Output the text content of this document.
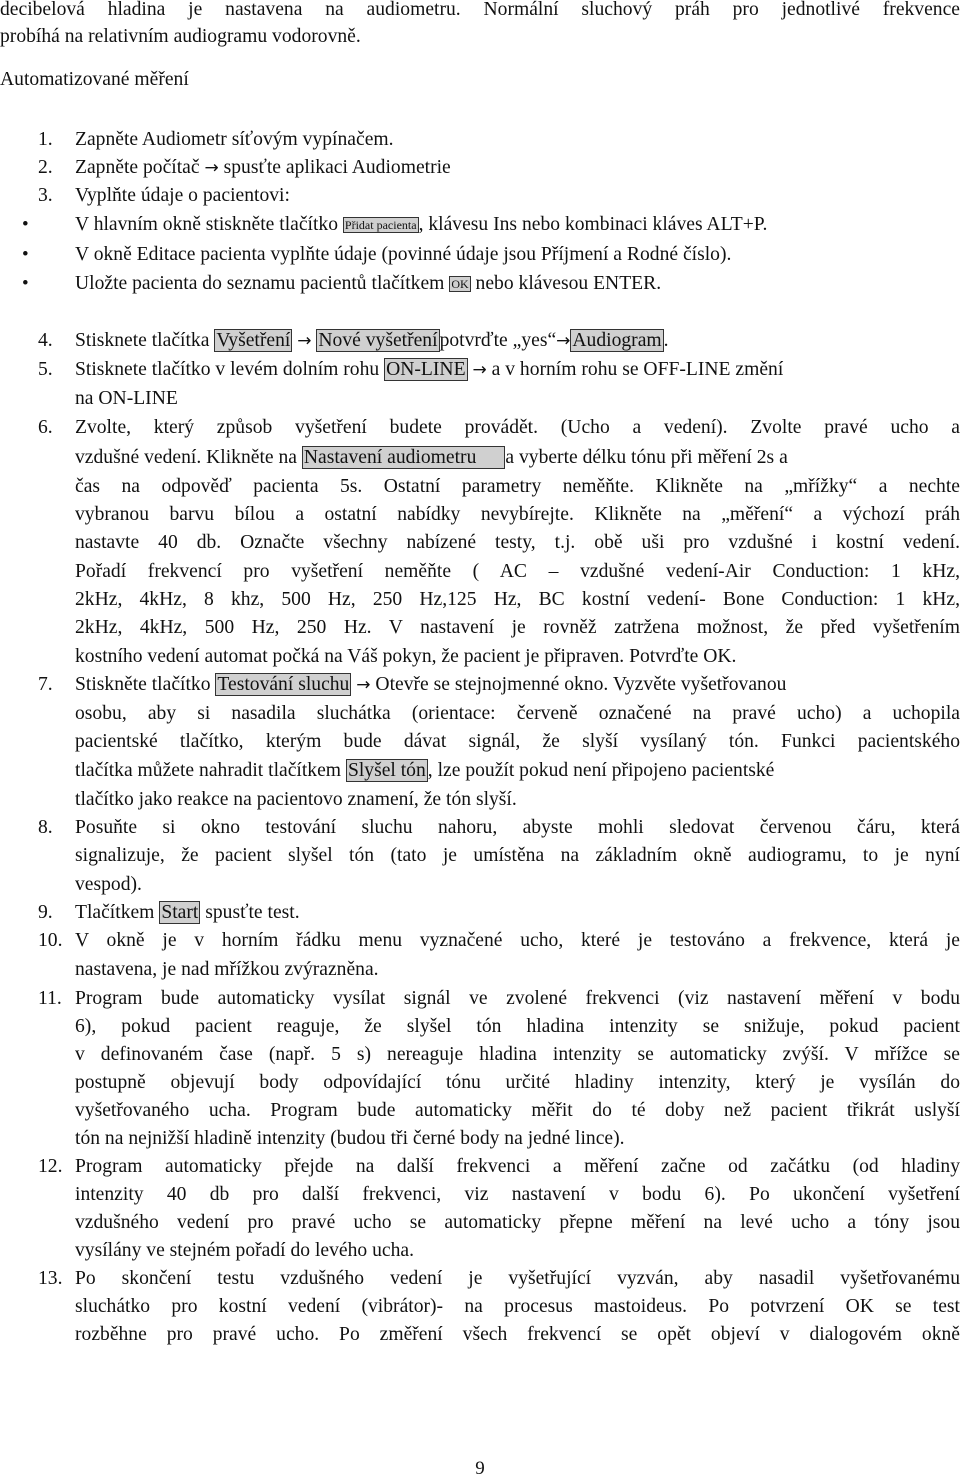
decibelová hladina je nastavena na audiometru. Normální sluchový práh pro jednotlivé frekvence
probíhá na relativním audiogramu vodorovně.
Automatizované měření
1.	Zapněte Audiometr síťovým vypínačem.
2.	Zapněte počítač → spusťte aplikaci Audiometrie
3.	Vyplňte údaje o pacientovi:
• V hlavním okně stiskněte tlačítko Přidat pacienta , klávesu Ins nebo kombinaci kláves ALT+P.
• V okně Editace pacienta vyplňte údaje (povinné údaje jsou Příjmení a Rodné číslo).
• Uložte pacienta do seznamu pacientů tlačítkem OK nebo klávesou ENTER.
4.	Stisknete tlačítka Vyšetření → Nové vyšetření potvrďte „yes“→ Audiogram .
5.	Stisknete tlačítko v levém dolním rohu ON-LINE → a v horním rohu se OFF-LINE změní
na ON-LINE
6.	Zvolte, který způsob vyšetření budete provádět. (Ucho a vedení). Zvolte pravé ucho a
vzdušné vedení. Klikněte na Nastavení audiometru a vyberte délku tónu při měření 2s a
čas na odpověď pacienta 5s. Ostatní parametry neměňte. Klikněte na „mřížky“ a nechte
vybranou barvu bílou a ostatní nabídky nevybírejte. Klikněte na „měření“ a výchozí práh
nastavte 40 db. Označte všechny nabízené testy, t.j. obě uši pro vzdušné i kostní vedení.
Pořadí frekvencí pro vyšetření neměňte ( AC – vzdušné vedení-Air Conduction: 1 kHz,
2kHz, 4kHz, 8 khz, 500 Hz, 250 Hz,125 Hz, BC kostní vedení- Bone Conduction: 1 kHz,
2kHz, 4kHz, 500 Hz, 250 Hz. V nastavení je rovněž zatržena možnost, že před vyšetřením
kostního vedení automat počká na Váš pokyn, že pacient je připraven. Potvrďte OK.
7.	Stiskněte tlačítko Testování sluchu → Otevře se stejnojmenné okno. Vyzvěte vyšetřovanou
osobu, aby si nasadila sluchátka (orientace: červeně označené na pravé ucho) a uchopila
pacientské tlačítko, kterým bude dávat signál, že slyší vysílaný tón. Funkci pacientského
tlačítka můžete nahradit tlačítkem Slyšel tón , lze použít pokud není připojeno pacientské
tlačítko jako reakce na pacientovo znamení, že tón slyší.
8.	Posuňte si okno testování sluchu nahoru, abyste mohli sledovat červenou čáru, která
signalizuje, že pacient slyšel tón (tato je umístěna na základním okně audiogramu, to je nyní
vespod).
9.	Tlačítkem Start spusťte test.
10. V okně je v horním řádku menu vyznačené ucho, které je testováno a frekvence, která je
nastavena, je nad mřížkou zvýrazněna.
11. Program bude automaticky vysílat signál ve zvolené frekvenci (viz nastavení měření v bodu
6), pokud pacient reaguje, že slyšel tón hladina intenzity se snižuje, pokud pacient
v definovaném čase (např. 5 s) nereaguje hladina intenzity se automaticky zvýší. V mřížce se
postupně objevují body odpovídající tónu určité hladiny intenzity, který je vysílán do
vyšetřovaného ucha. Program bude automaticky měřit do té doby než pacient třikrát uslyší
tón na nejnižší hladině intenzity (budou tři černé body na jedné lince).
12. Program automaticky přejde na další frekvenci a měření začne od začátku (od hladiny
intenzity 40 db pro další frekvenci, viz nastavení v bodu 6). Po ukončení vyšetření
vzdušného vedení pro pravé ucho se automaticky přepne měření na levé ucho a tóny jsou
vysílány ve stejném pořadí do levého ucha.
13. Po skončení testu vzdušného vedení je vyšetřující vyzván, aby nasadil vyšetřovanému
sluchátko pro kostní vedení (vibrátor)- na procesus mastoideus. Po potvrzení OK se test
rozběhne pro pravé ucho. Po změření všech frekvencí se opět objeví v dialogovém okně
9
